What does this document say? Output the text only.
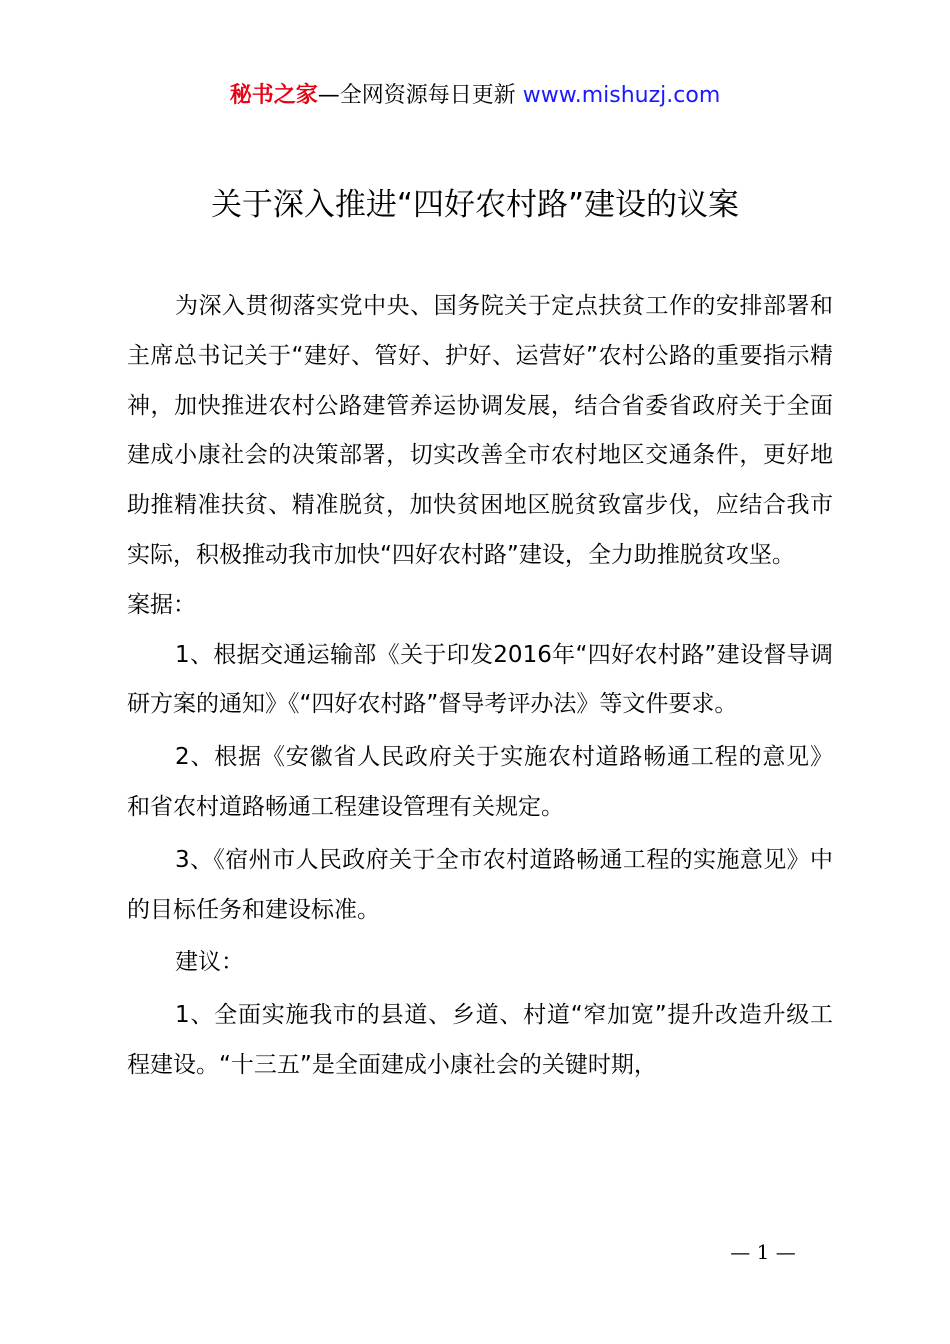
秘书之家—全网资源每日更新 www.mishuzj.com
关于深入推进“四好农村路”建设的议案

为深入贯彻落实党中央、国务院关于定点扶贫工作的安排部署和主席总书记关于“建好、管好、护好、运营好”农村公路的重要指示精神，加快推进农村公路建管养运协调发展，结合省委省政府关于全面建成小康社会的决策部署，切实改善全市农村地区交通条件，更好地助推精准扶贫、精准脱贫，加快贫困地区脱贫致富步伐，应结合我市实际，积极推动我市加快“四好农村路”建设，全力助推脱贫攻坚。

案据：

1、根据交通运输部《关于印发2016年“四好农村路”建设督导调研方案的通知》《“四好农村路”督导考评办法》等文件要求。

2、根据《安徽省人民政府关于实施农村道路畅通工程的意见》和省农村道路畅通工程建设管理有关规定。

3、《宿州市人民政府关于全市农村道路畅通工程的实施意见》中的目标任务和建设标准。

建议：

1、全面实施我市的县道、乡道、村道“窄加宽”提升改造升级工程建设。“十三五”是全面建成小康社会的关键时期，

— 1 —
